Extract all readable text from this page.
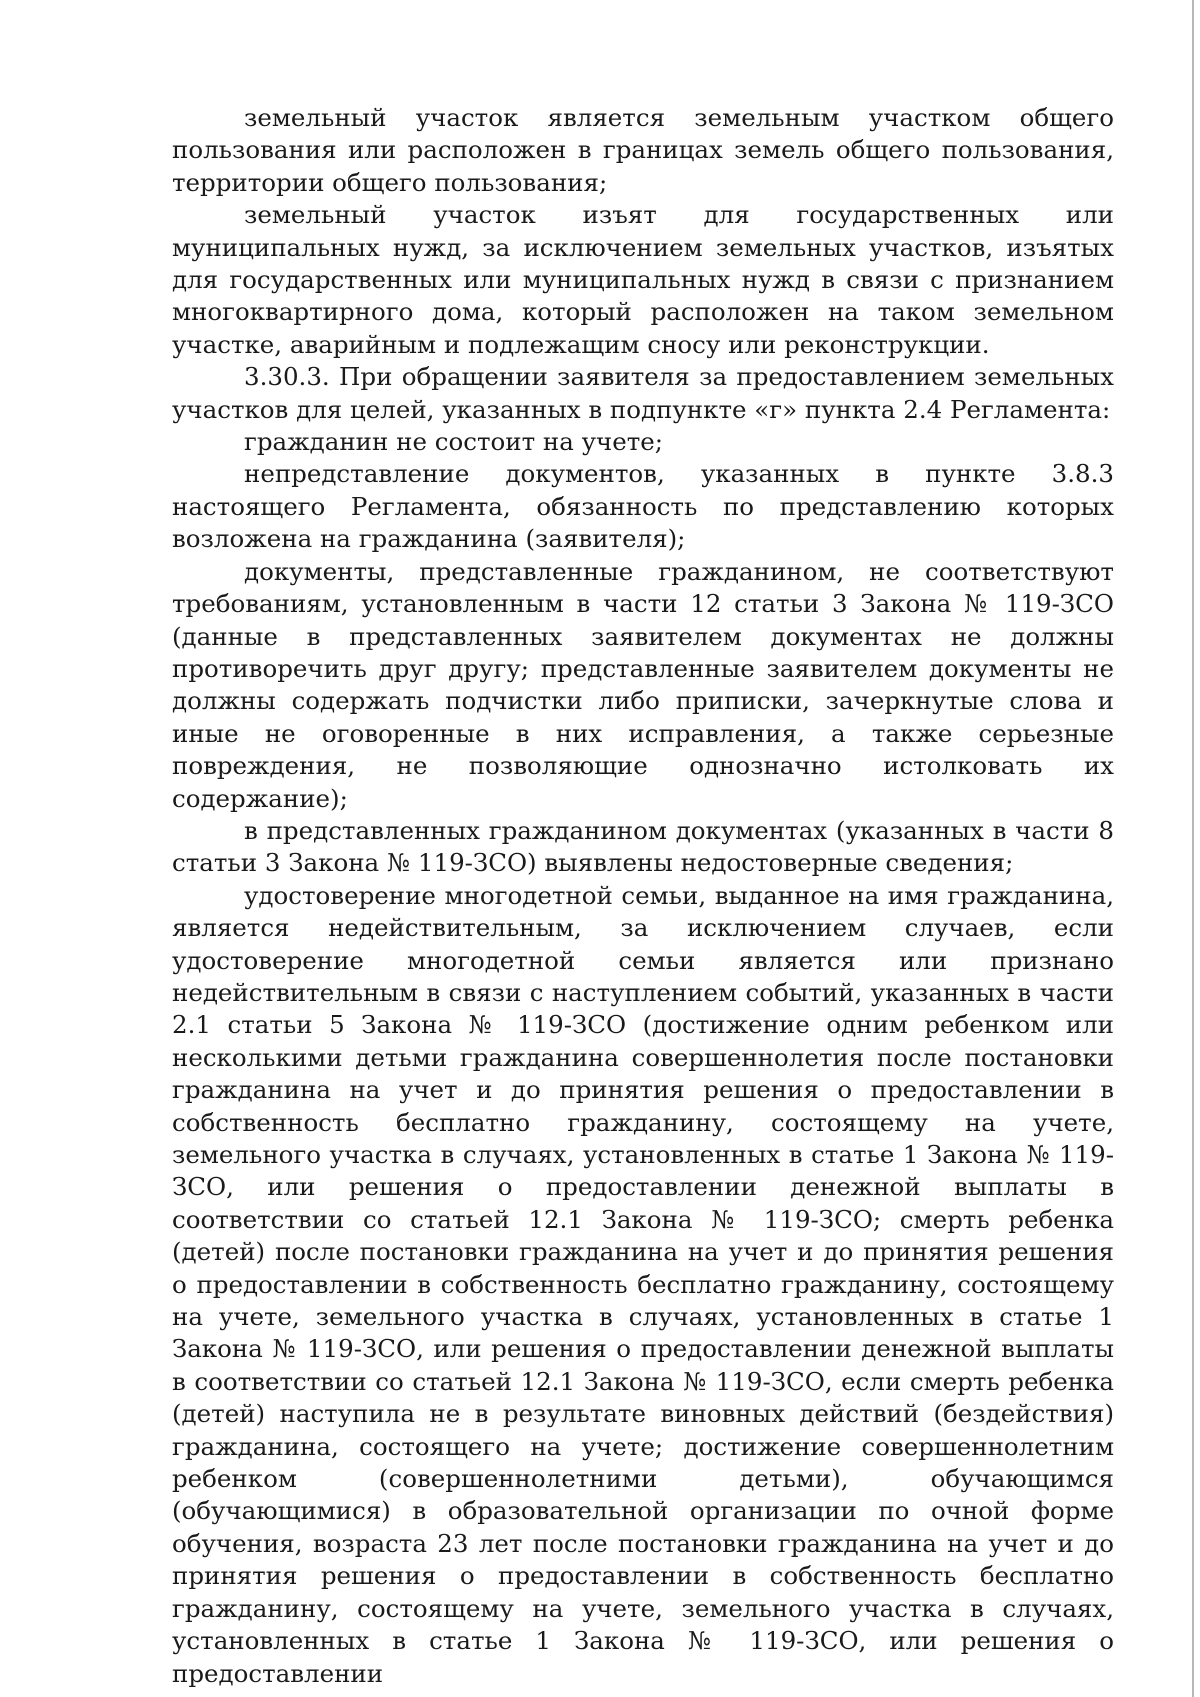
земельный участок является земельным участком общего пользования или расположен в границах земель общего пользования, территории общего пользования;

земельный участок изъят для государственных или муниципальных нужд, за исключением земельных участков, изъятых для государственных или муниципальных нужд в связи с признанием многоквартирного дома, который расположен на таком земельном участке, аварийным и подлежащим сносу или реконструкции.

3.30.3. При обращении заявителя за предоставлением земельных участков для целей, указанных в подпункте «г» пункта 2.4 Регламента:

гражданин не состоит на учете;

непредставление документов, указанных в пункте 3.8.3 настоящего Регламента, обязанность по представлению которых возложена на гражданина (заявителя);

документы, представленные гражданином, не соответствуют требованиям, установленным в части 12 статьи 3 Закона № 119-ЗСО (данные в представленных заявителем документах не должны противоречить друг другу; представленные заявителем документы не должны содержать подчистки либо приписки, зачеркнутые слова и иные не оговоренные в них исправления, а также серьезные повреждения, не позволяющие однозначно истолковать их содержание);

в представленных гражданином документах (указанных в части 8 статьи 3 Закона № 119-ЗСО) выявлены недостоверные сведения;

удостоверение многодетной семьи, выданное на имя гражданина, является недействительным, за исключением случаев, если удостоверение многодетной семьи является или признано недействительным в связи с наступлением событий, указанных в части 2.1 статьи 5 Закона № 119-ЗСО (достижение одним ребенком или несколькими детьми гражданина совершеннолетия после постановки гражданина на учет и до принятия решения о предоставлении в собственность бесплатно гражданину, состоящему на учете, земельного участка в случаях, установленных в статье 1 Закона № 119-ЗСО, или решения о предоставлении денежной выплаты в соответствии со статьей 12.1 Закона № 119-ЗСО; смерть ребенка (детей) после постановки гражданина на учет и до принятия решения о предоставлении в собственность бесплатно гражданину, состоящему на учете, земельного участка в случаях, установленных в статье 1 Закона № 119-ЗСО, или решения о предоставлении денежной выплаты в соответствии со статьей 12.1 Закона № 119-ЗСО, если смерть ребенка (детей) наступила не в результате виновных действий (бездействия) гражданина, состоящего на учете; достижение совершеннолетним ребенком (совершеннолетними детьми), обучающимся (обучающимися) в образовательной организации по очной форме обучения, возраста 23 лет после постановки гражданина на учет и до принятия решения о предоставлении в собственность бесплатно гражданину, состоящему на учете, земельного участка в случаях, установленных в статье 1 Закона № 119-ЗСО, или решения о предоставлении
